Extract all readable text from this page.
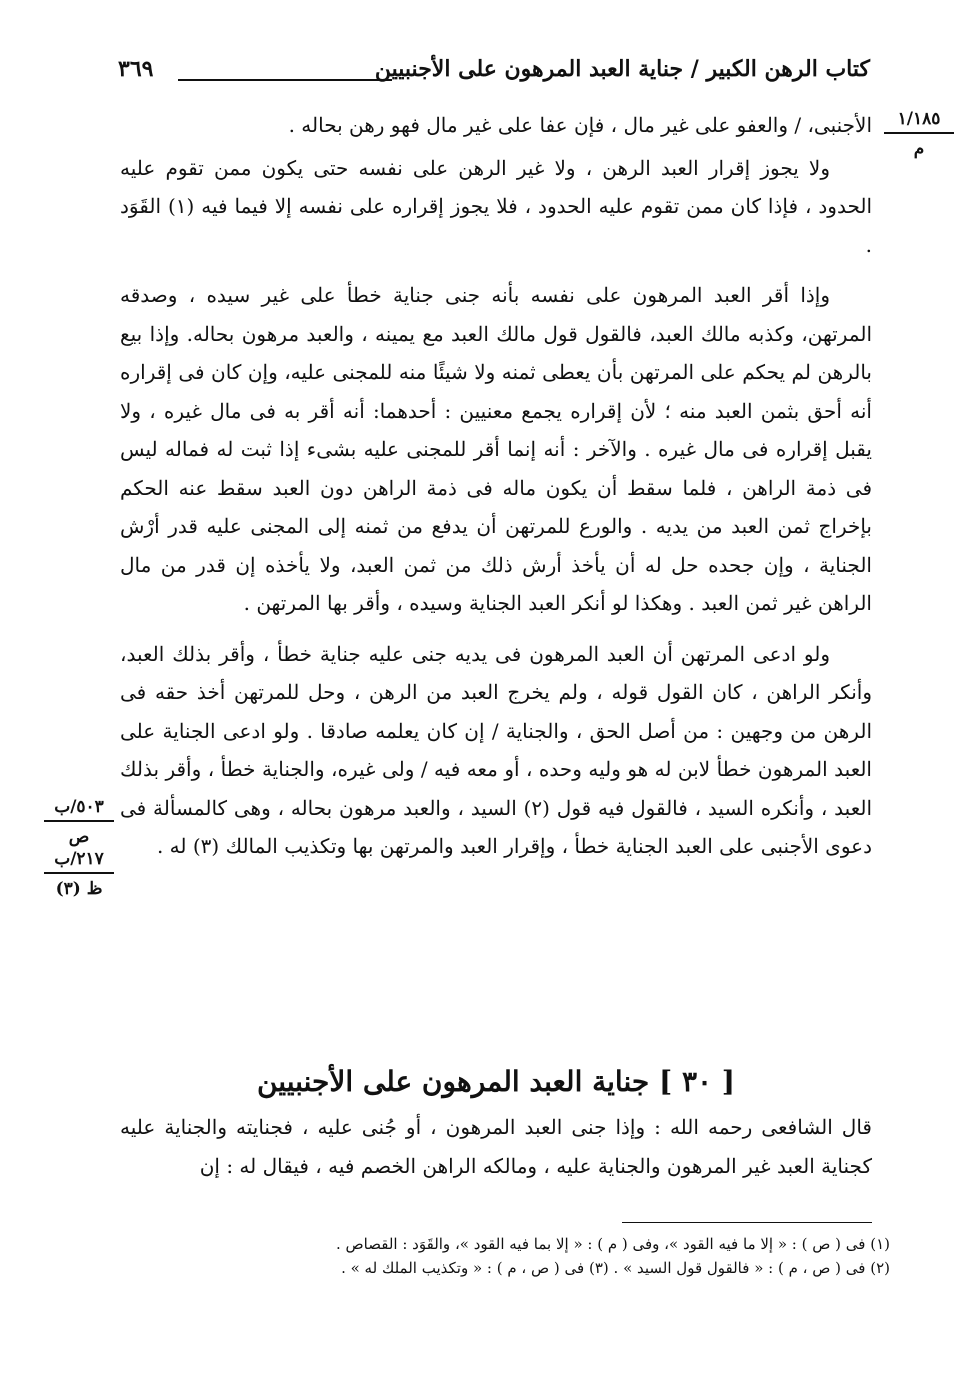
كتاب الرهن الكبير / جناية العبد المرهون على الأجنبيين
٣٦٩
١/١٨٥
م
٥٠٣/ب
ص
٢١٧/ب
ظ (٣)

الأجنبى، / والعفو على غير مال ، فإن عفا على غير مال فهو رهن بحاله .

ولا يجوز إقرار العبد الرهن ، ولا غير الرهن على نفسه حتى يكون ممن تقوم عليه الحدود ، فإذا كان ممن تقوم عليه الحدود ، فلا يجوز إقراره على نفسه إلا فيما فيه (١) القَوَد .

وإذا أقر العبد المرهون على نفسه بأنه جنى جناية خطأ على غير سيده ، وصدقه المرتهن، وكذبه مالك العبد، فالقول قول مالك العبد مع يمينه ، والعبد مرهون بحاله. وإذا بيع بالرهن لم يحكم على المرتهن بأن يعطى ثمنه ولا شيئًا منه للمجنى عليه، وإن كان فى إقراره أنه أحق بثمن العبد منه ؛ لأن إقراره يجمع معنيين : أحدهما: أنه أقر به فى مال غيره ، ولا يقبل إقراره فى مال غيره . والآخر : أنه إنما أقر للمجنى عليه بشىء إذا ثبت له فماله ليس فى ذمة الراهن ، فلما سقط أن يكون ماله فى ذمة الراهن دون العبد سقط عنه الحكم بإخراج ثمن العبد من يديه . والورع للمرتهن أن يدفع من ثمنه إلى المجنى عليه قدر أرْش الجناية ، وإن جحده حل له أن يأخذ أرش ذلك من ثمن العبد، ولا يأخذه إن قدر من مال الراهن غير ثمن العبد . وهكذا لو أنكر العبد الجناية وسيده ، وأقر بها المرتهن .

ولو ادعى المرتهن أن العبد المرهون فى يديه جنى عليه جناية خطأ ، وأقر بذلك العبد، وأنكر الراهن ، كان القول قوله ، ولم يخرج العبد من الرهن ، وحل للمرتهن أخذ حقه فى الرهن من وجهين : من أصل الحق ، والجناية / إن كان يعلمه صادقا . ولو ادعى الجناية على العبد المرهون خطأ لابن له هو وليه وحده ، أو معه فيه / ولى غيره، والجناية خطأ ، وأقر بذلك العبد ، وأنكره السيد ، فالقول فيه قول (٢) السيد ، والعبد مرهون بحاله ، وهى كالمسألة فى دعوى الأجنبى على العبد الجناية خطأ ، وإقرار العبد والمرتهن بها وتكذيب المالك (٣) له .

[ ٣٠ ] جناية العبد المرهون على الأجنبيين

قال الشافعى رحمه الله : وإذا جنى العبد المرهون ، أو جُنى عليه ، فجنايته والجناية عليه كجناية العبد غير المرهون والجناية عليه ، ومالكه الراهن الخصم فيه ، فيقال له : إن

(١) فى ( ص ) : « إلا ما فيه القود »، وفى ( م ) : « إلا بما فيه القود »، والقَوَد : القصاص .

(٢) فى ( ص ، م ) : « فالقول قول السيد » . (٣) فى ( ص ، م ) : « وتكذيب الملك له » .
